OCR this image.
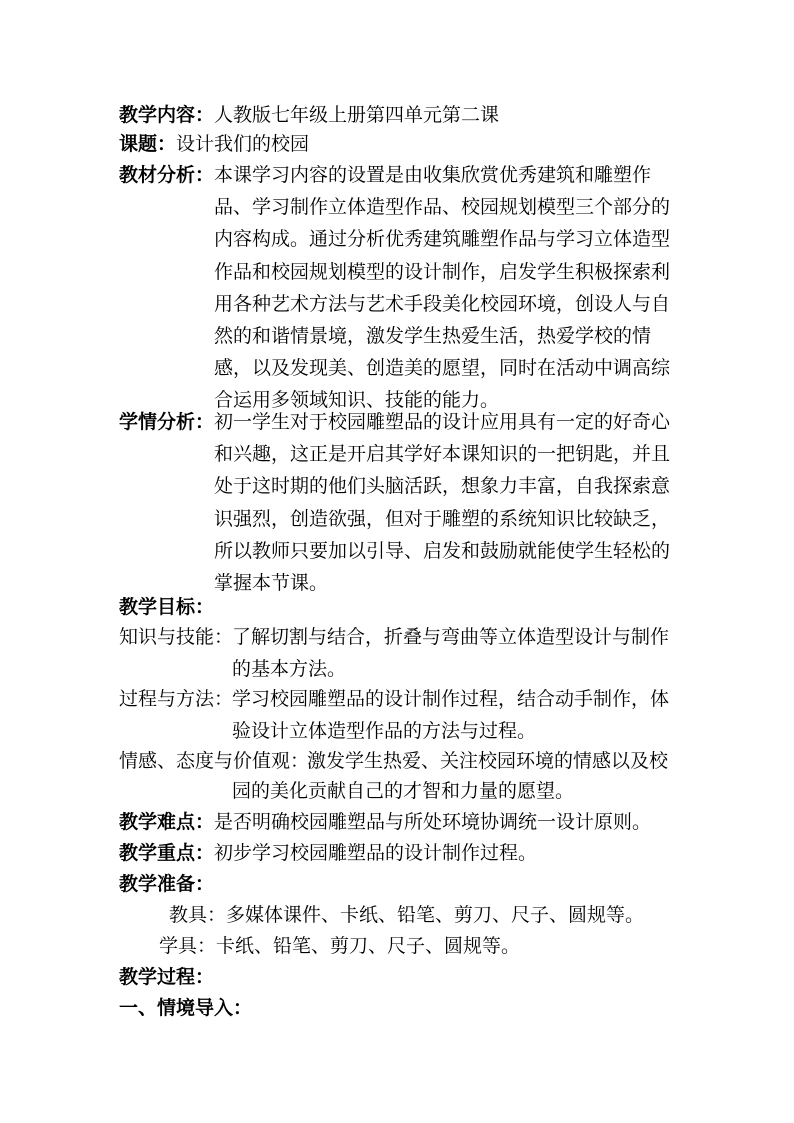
教学内容：人教版七年级上册第四单元第二课
课题：设计我们的校园
教材分析： 本课学习内容的设置是由收集欣赏优秀建筑和雕塑作
品、学习制作立体造型作品、校园规划模型三个部分的
内容构成。通过分析优秀建筑雕塑作品与学习立体造型
作品和校园规划模型的设计制作，启发学生积极探索利
用各种艺术方法与艺术手段美化校园环境，创设人与自
然的和谐情景境，激发学生热爱生活，热爱学校的情
感，以及发现美、创造美的愿望，同时在活动中调高综
合运用多领域知识、技能的能力。
学情分析： 初一学生对于校园雕塑品的设计应用具有一定的好奇心
和兴趣，这正是开启其学好本课知识的一把钥匙，并且
处于这时期的他们头脑活跃，想象力丰富，自我探索意
识强烈，创造欲强，但对于雕塑的系统知识比较缺乏，
所以教师只要加以引导、启发和鼓励就能使学生轻松的
掌握本节课。
教学目标：
知识与技能：
了解切割与结合，折叠与弯曲等立体造型设计与制作
的基本方法。
过程与方法：
学习校园雕塑品的设计制作过程，结合动手制作，体
验设计立体造型作品的方法与过程。
情感、态度与价值观：
激发学生热爱、关注校园环境的情感以及校
园的美化贡献自己的才智和力量的愿望。
教学难点：是否明确校园雕塑品与所处环境协调统一设计原则。
教学重点：初步学习校园雕塑品的设计制作过程。
教学准备：
教具：多媒体课件、卡纸、铅笔、剪刀、尺子、圆规等。
学具：卡纸、铅笔、剪刀、尺子、圆规等。
教学过程：
一、情境导入：
